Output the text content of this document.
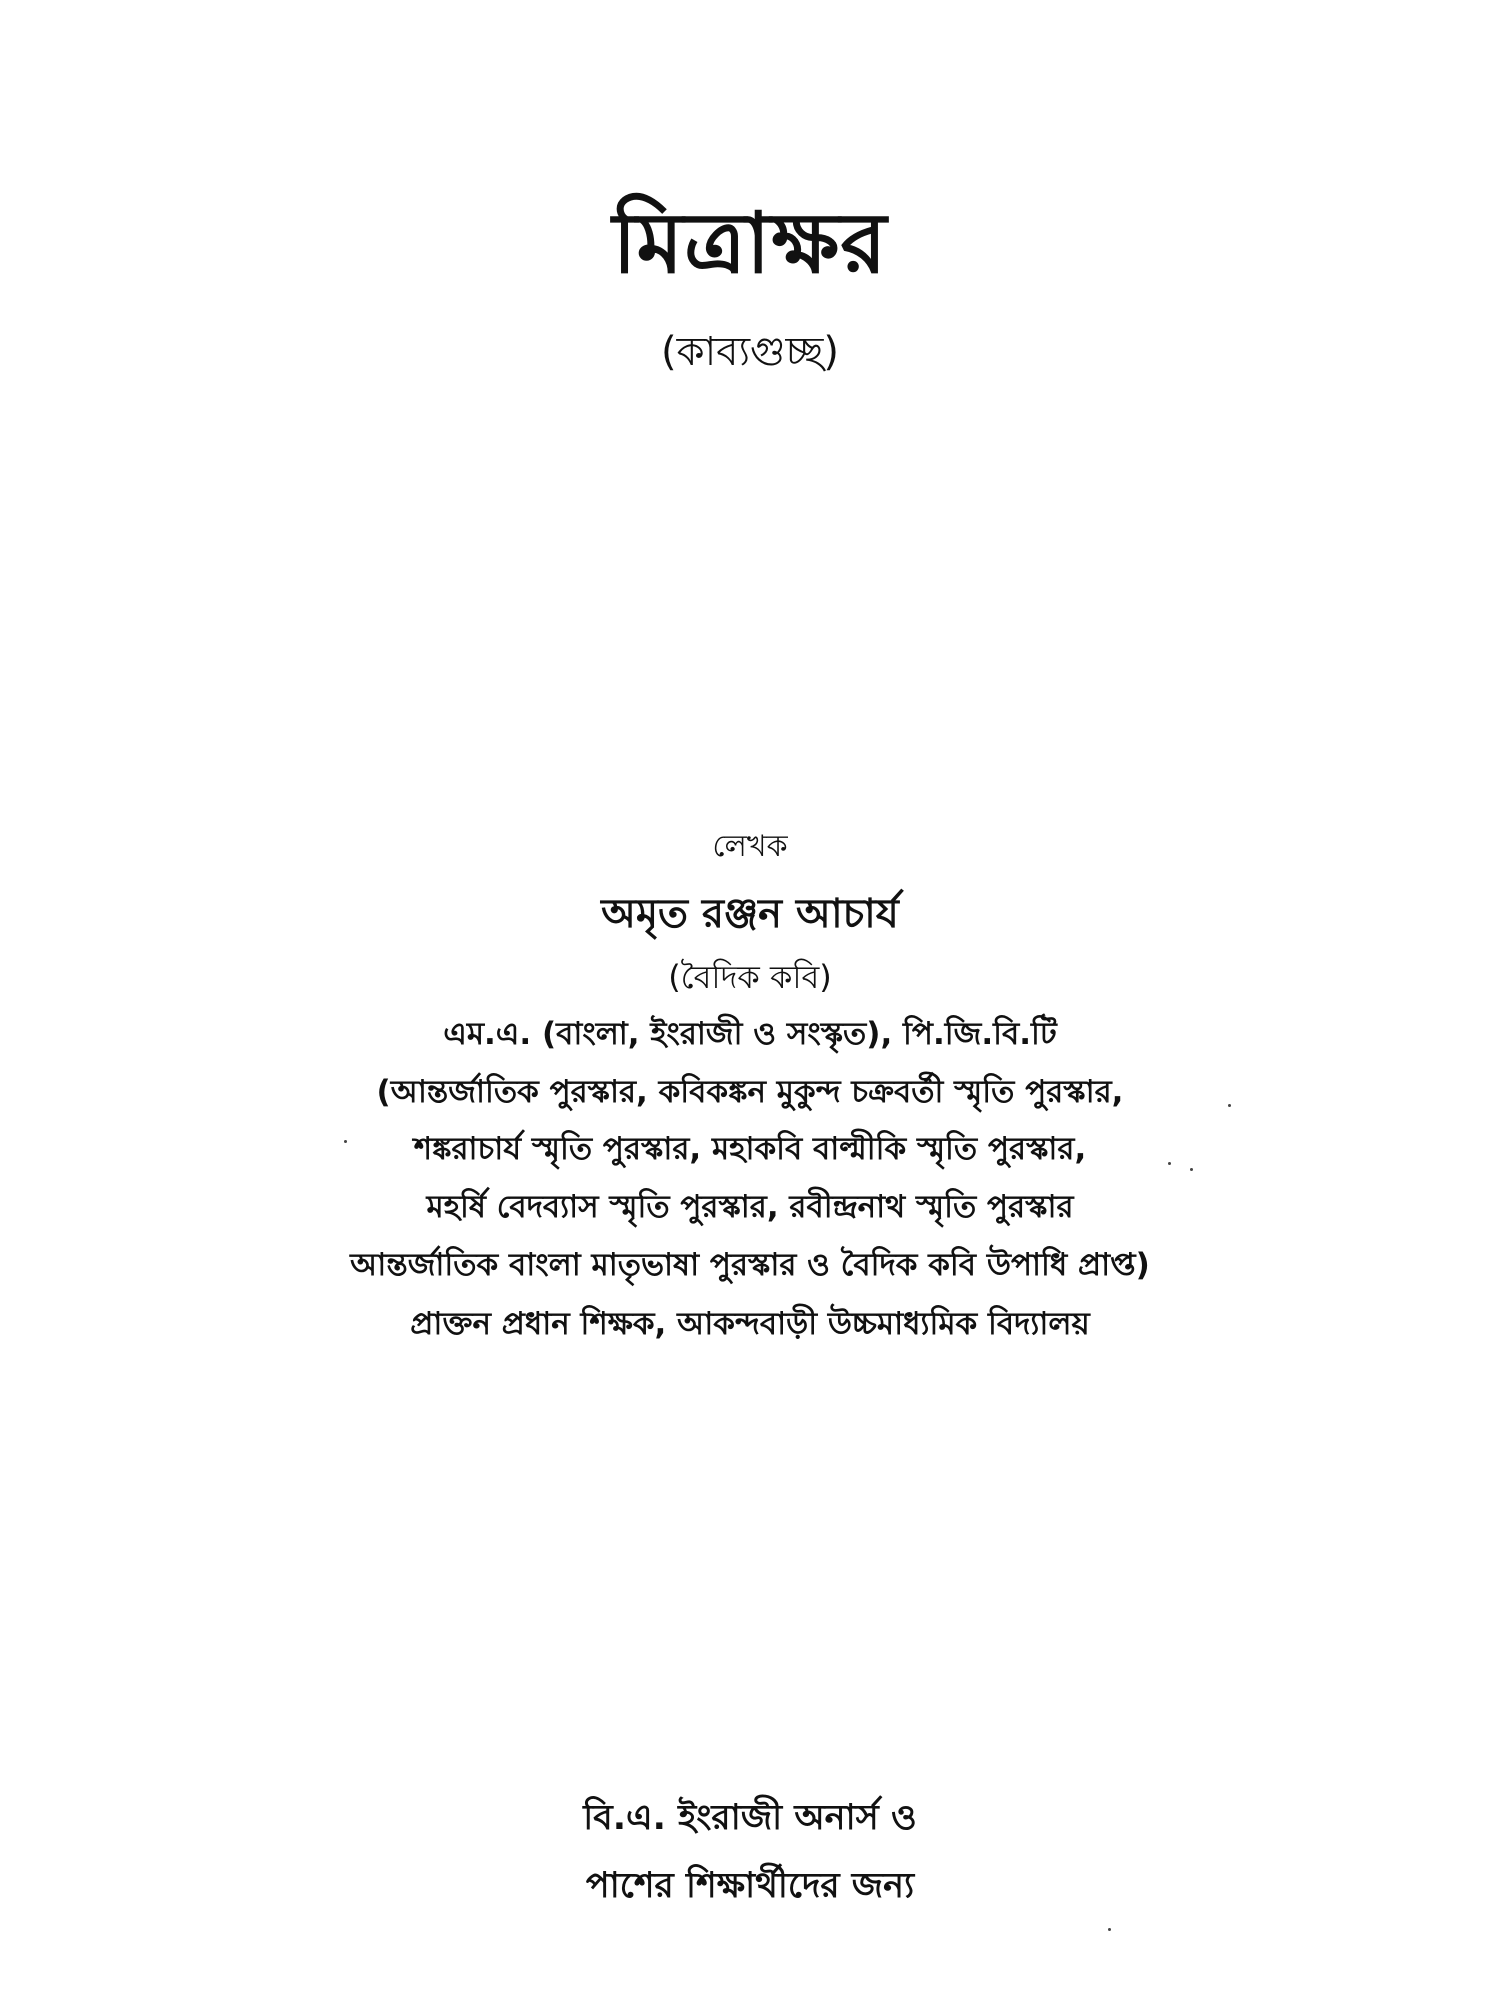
মিত্রাক্ষর
(কাব্যগুচ্ছ)
লেখক
অমৃত রঞ্জন আচার্য
(বৈদিক কবি)
এম.এ. (বাংলা, ইংরাজী ও সংস্কৃত), পি.জি.বি.টি
(আন্তর্জাতিক পুরস্কার, কবিকঙ্কন মুকুন্দ চক্রবর্তী স্মৃতি পুরস্কার,
শঙ্করাচার্য স্মৃতি পুরস্কার, মহাকবি বাল্মীকি স্মৃতি পুরস্কার,
মহর্ষি বেদব্যাস স্মৃতি পুরস্কার, রবীন্দ্রনাথ স্মৃতি পুরস্কার
আন্তর্জাতিক বাংলা মাতৃভাষা পুরস্কার ও বৈদিক কবি উপাধি প্রাপ্ত)
প্রাক্তন প্রধান শিক্ষক, আকন্দবাড়ী উচ্চমাধ্যমিক বিদ্যালয়
বি.এ. ইংরাজী অনার্স ও
পাশের শিক্ষার্থীদের জন্য
